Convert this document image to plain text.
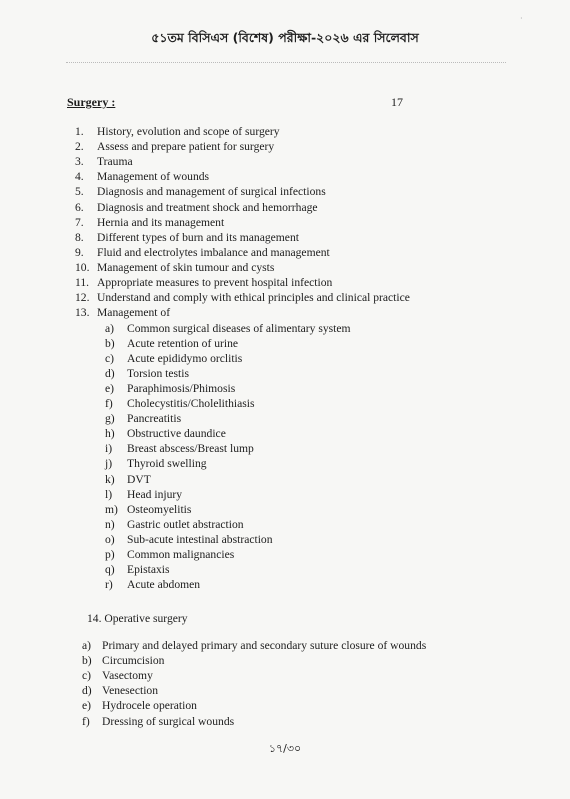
৫১তম বিসিএস (বিশেষ) পরীক্ষা-২০২৬ এর সিলেবাস
·
Surgery :	17
1. History, evolution and scope of surgery
2. Assess and prepare patient for surgery
3. Trauma
4. Management of wounds
5. Diagnosis and management of surgical infections
6. Diagnosis and treatment shock and hemorrhage
7. Hernia and its management
8. Different types of burn and its management
9. Fluid and electrolytes imbalance and management
10. Management of skin tumour and cysts
11. Appropriate measures to prevent hospital infection
12. Understand and comply with ethical principles and clinical practice
13. Management of
a) Common surgical diseases of alimentary system
b) Acute retention of urine
c) Acute epididymo orclitis
d) Torsion testis
e) Paraphimosis/Phimosis
f) Cholecystitis/Cholelithiasis
g) Pancreatitis
h) Obstructive daundice
i) Breast abscess/Breast lump
j) Thyroid swelling
k) DVT
l) Head injury
m) Osteomyelitis
n) Gastric outlet abstraction
o) Sub-acute intestinal abstraction
p) Common malignancies
q) Epistaxis
r) Acute abdomen
14. Operative surgery
a) Primary and delayed primary and secondary suture closure of wounds
b) Circumcision
c) Vasectomy
d) Venesection
e) Hydrocele operation
f) Dressing of surgical wounds
১৭/৩০
